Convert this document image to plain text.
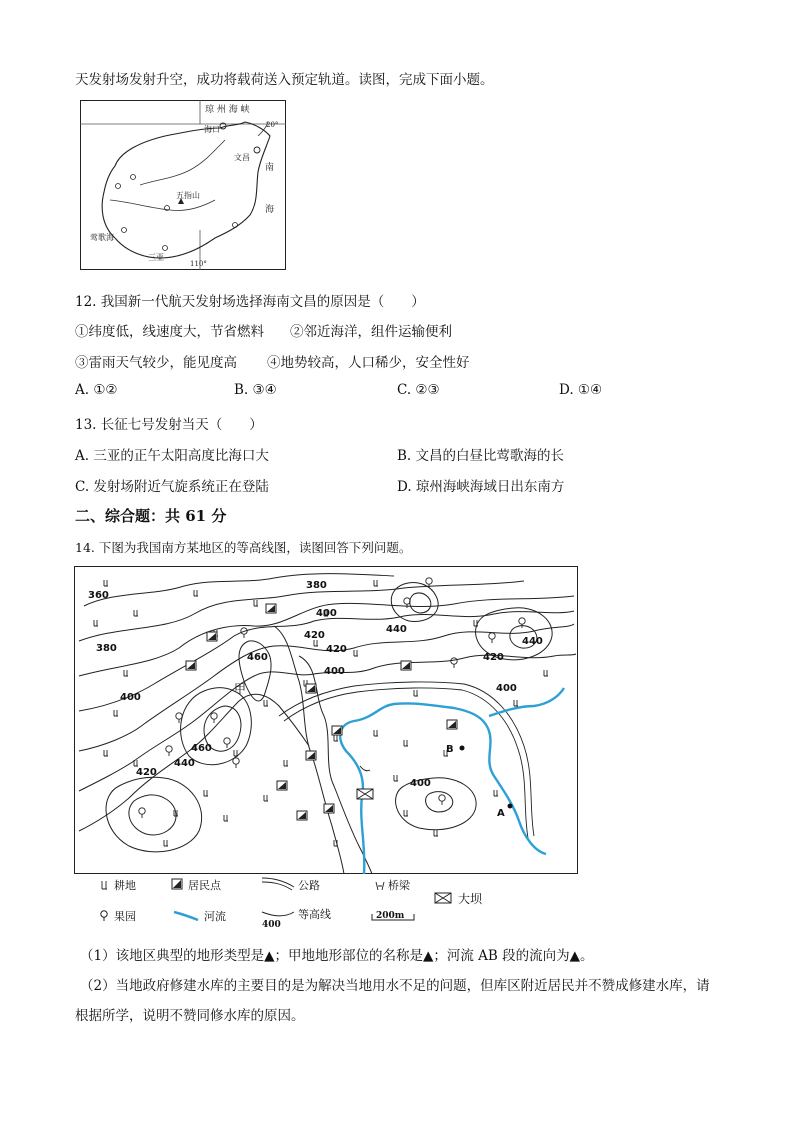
天发射场发射升空，成功将载荷送入预定轨道。读图，完成下面小题。
琼 州 海 峡
海口	20°
文昌
南
海
五指山
莺歌海
三亚
110°
12. 我国新一代航天发射场选择海南文昌的原因是（　　）
①纬度低，线速度大，节省燃料 ②邻近海洋，组件运输便利
③雷雨天气较少，能见度高 ④地势较高，人口稀少，安全性好
A. ①②	B. ③④	C. ②③	D. ①④
13. 长征七号发射当天（　　）
A. 三亚的正午太阳高度比海口大	B. 文昌的白昼比莺歌海的长
C. 发射场附近气旋系统正在登陆	D. 琼州海峡海域日出东南方
二、综合题：共 61 分
14. 下图为我国南方某地区的等高线图，读图回答下列问题。
380
360
400
420
440
440
380
460
420
420
400
400
400
460
440
420
400
甲
B
A
耕地	居民点	公路	桥梁
大坝
果园	河流
400
等高线	200m
（1）该地区典型的地形类型是▲；甲地地形部位的名称是▲；河流 AB 段的流向为▲。
（2）当地政府修建水库的主要目的是为解决当地用水不足的问题，但库区附近居民并不赞成修建水库，请
根据所学，说明不赞同修水库的原因。
